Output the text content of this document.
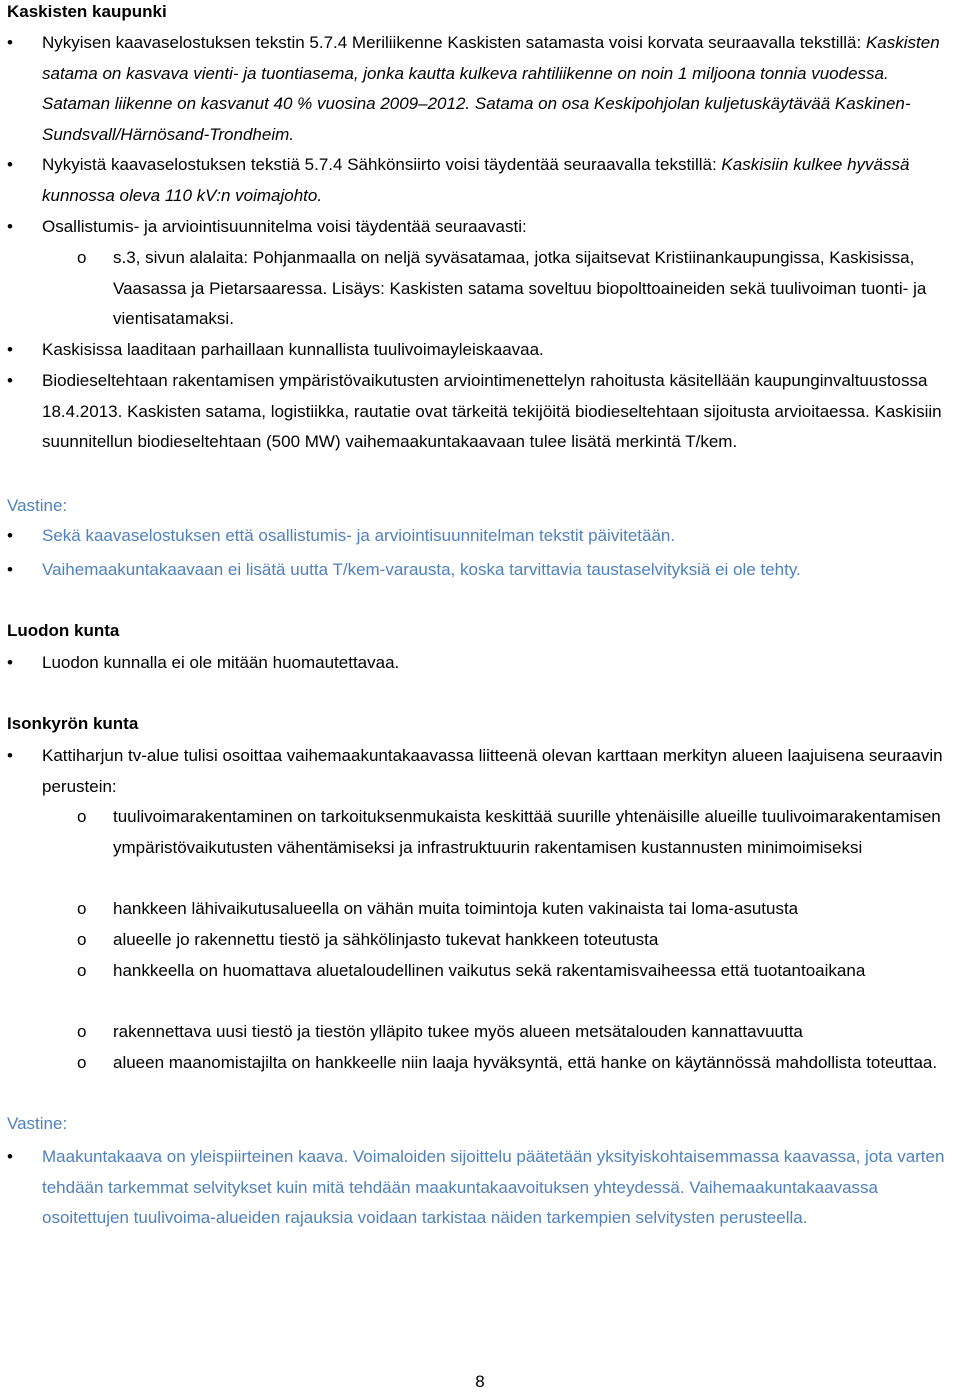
Kaskisten kaupunki

• Nykyisen kaavaselostuksen tekstin 5.7.4 Meriliikenne Kaskisten satamasta voisi korvata seuraavalla tekstillä: Kaskisten satama on kasvava vienti- ja tuontiasema, jonka kautta kulkeva rahtiliikenne on noin 1 miljoona tonnia vuodessa. Sataman liikenne on kasvanut 40 % vuosina 2009–2012. Satama on osa Keskipohjolan kuljetuskäytävää Kaskinen-Sundsvall/Härnösand-Trondheim.

• Nykyistä kaavaselostuksen tekstiä 5.7.4 Sähkönsiirto voisi täydentää seuraavalla tekstillä: Kaskisiin kulkee hyvässä kunnossa oleva 110 kV:n voimajohto.

• Osallistumis- ja arviointisuunnitelma voisi täydentää seuraavasti:

o s.3, sivun alalaita: Pohjanmaalla on neljä syväsatamaa, jotka sijaitsevat Kristiinankaupungissa, Kaskisissa, Vaasassa ja Pietarsaaressa. Lisäys: Kaskisten satama soveltuu biopolttoaineiden sekä tuulivoiman tuonti- ja vientisatamaksi.

• Kaskisissa laaditaan parhaillaan kunnallista tuulivoimayleiskaavaa.

• Biodieseltehtaan rakentamisen ympäristövaikutusten arviointimenettelyn rahoitusta käsitellään kaupunginvaltuustossa 18.4.2013. Kaskisten satama, logistiikka, rautatie ovat tärkeitä tekijöitä biodieseltehtaan sijoitusta arvioitaessa. Kaskisiin suunnitellun biodieseltehtaan (500 MW) vaihemaakuntakaavaan tulee lisätä merkintä T/kem.

Vastine:

• Sekä kaavaselostuksen että osallistumis- ja arviointisuunnitelman tekstit päivitetään.

• Vaihemaakuntakaavaan ei lisätä uutta T/kem-varausta, koska tarvittavia taustaselvityksiä ei ole tehty.

Luodon kunta

• Luodon kunnalla ei ole mitään huomautettavaa.

Isonkyrön kunta

• Kattiharjun tv-alue tulisi osoittaa vaihemaakuntakaavassa liitteenä olevan karttaan merkityn alueen laajuisena seuraavin perustein:

o tuulivoimarakentaminen on tarkoituksenmukaista keskittää suurille yhtenäisille alueille tuulivoimarakentamisen ympäristövaikutusten vähentämiseksi ja infrastruktuurin rakentamisen kustannusten minimoimiseksi

o hankkeen lähivaikutusalueella on vähän muita toimintoja kuten vakinaista tai loma-asutusta

o alueelle jo rakennettu tiestö ja sähkölinjasto tukevat hankkeen toteutusta

o hankkeella on huomattava aluetaloudellinen vaikutus sekä rakentamisvaiheessa että tuotantoaikana

o rakennettava uusi tiestö ja tiestön ylläpito tukee myös alueen metsätalouden kannattavuutta

o alueen maanomistajilta on hankkeelle niin laaja hyväksyntä, että hanke on käytännössä mahdollista toteuttaa.

Vastine:

• Maakuntakaava on yleispiirteinen kaava. Voimaloiden sijoittelu päätetään yksityiskohtaisemmassa kaavassa, jota varten tehdään tarkemmat selvitykset kuin mitä tehdään maakuntakaavoituksen yhteydessä. Vaihemaakuntakaavassa osoitettujen tuulivoima-alueiden rajauksia voidaan tarkistaa näiden tarkempien selvitysten perusteella.

8
